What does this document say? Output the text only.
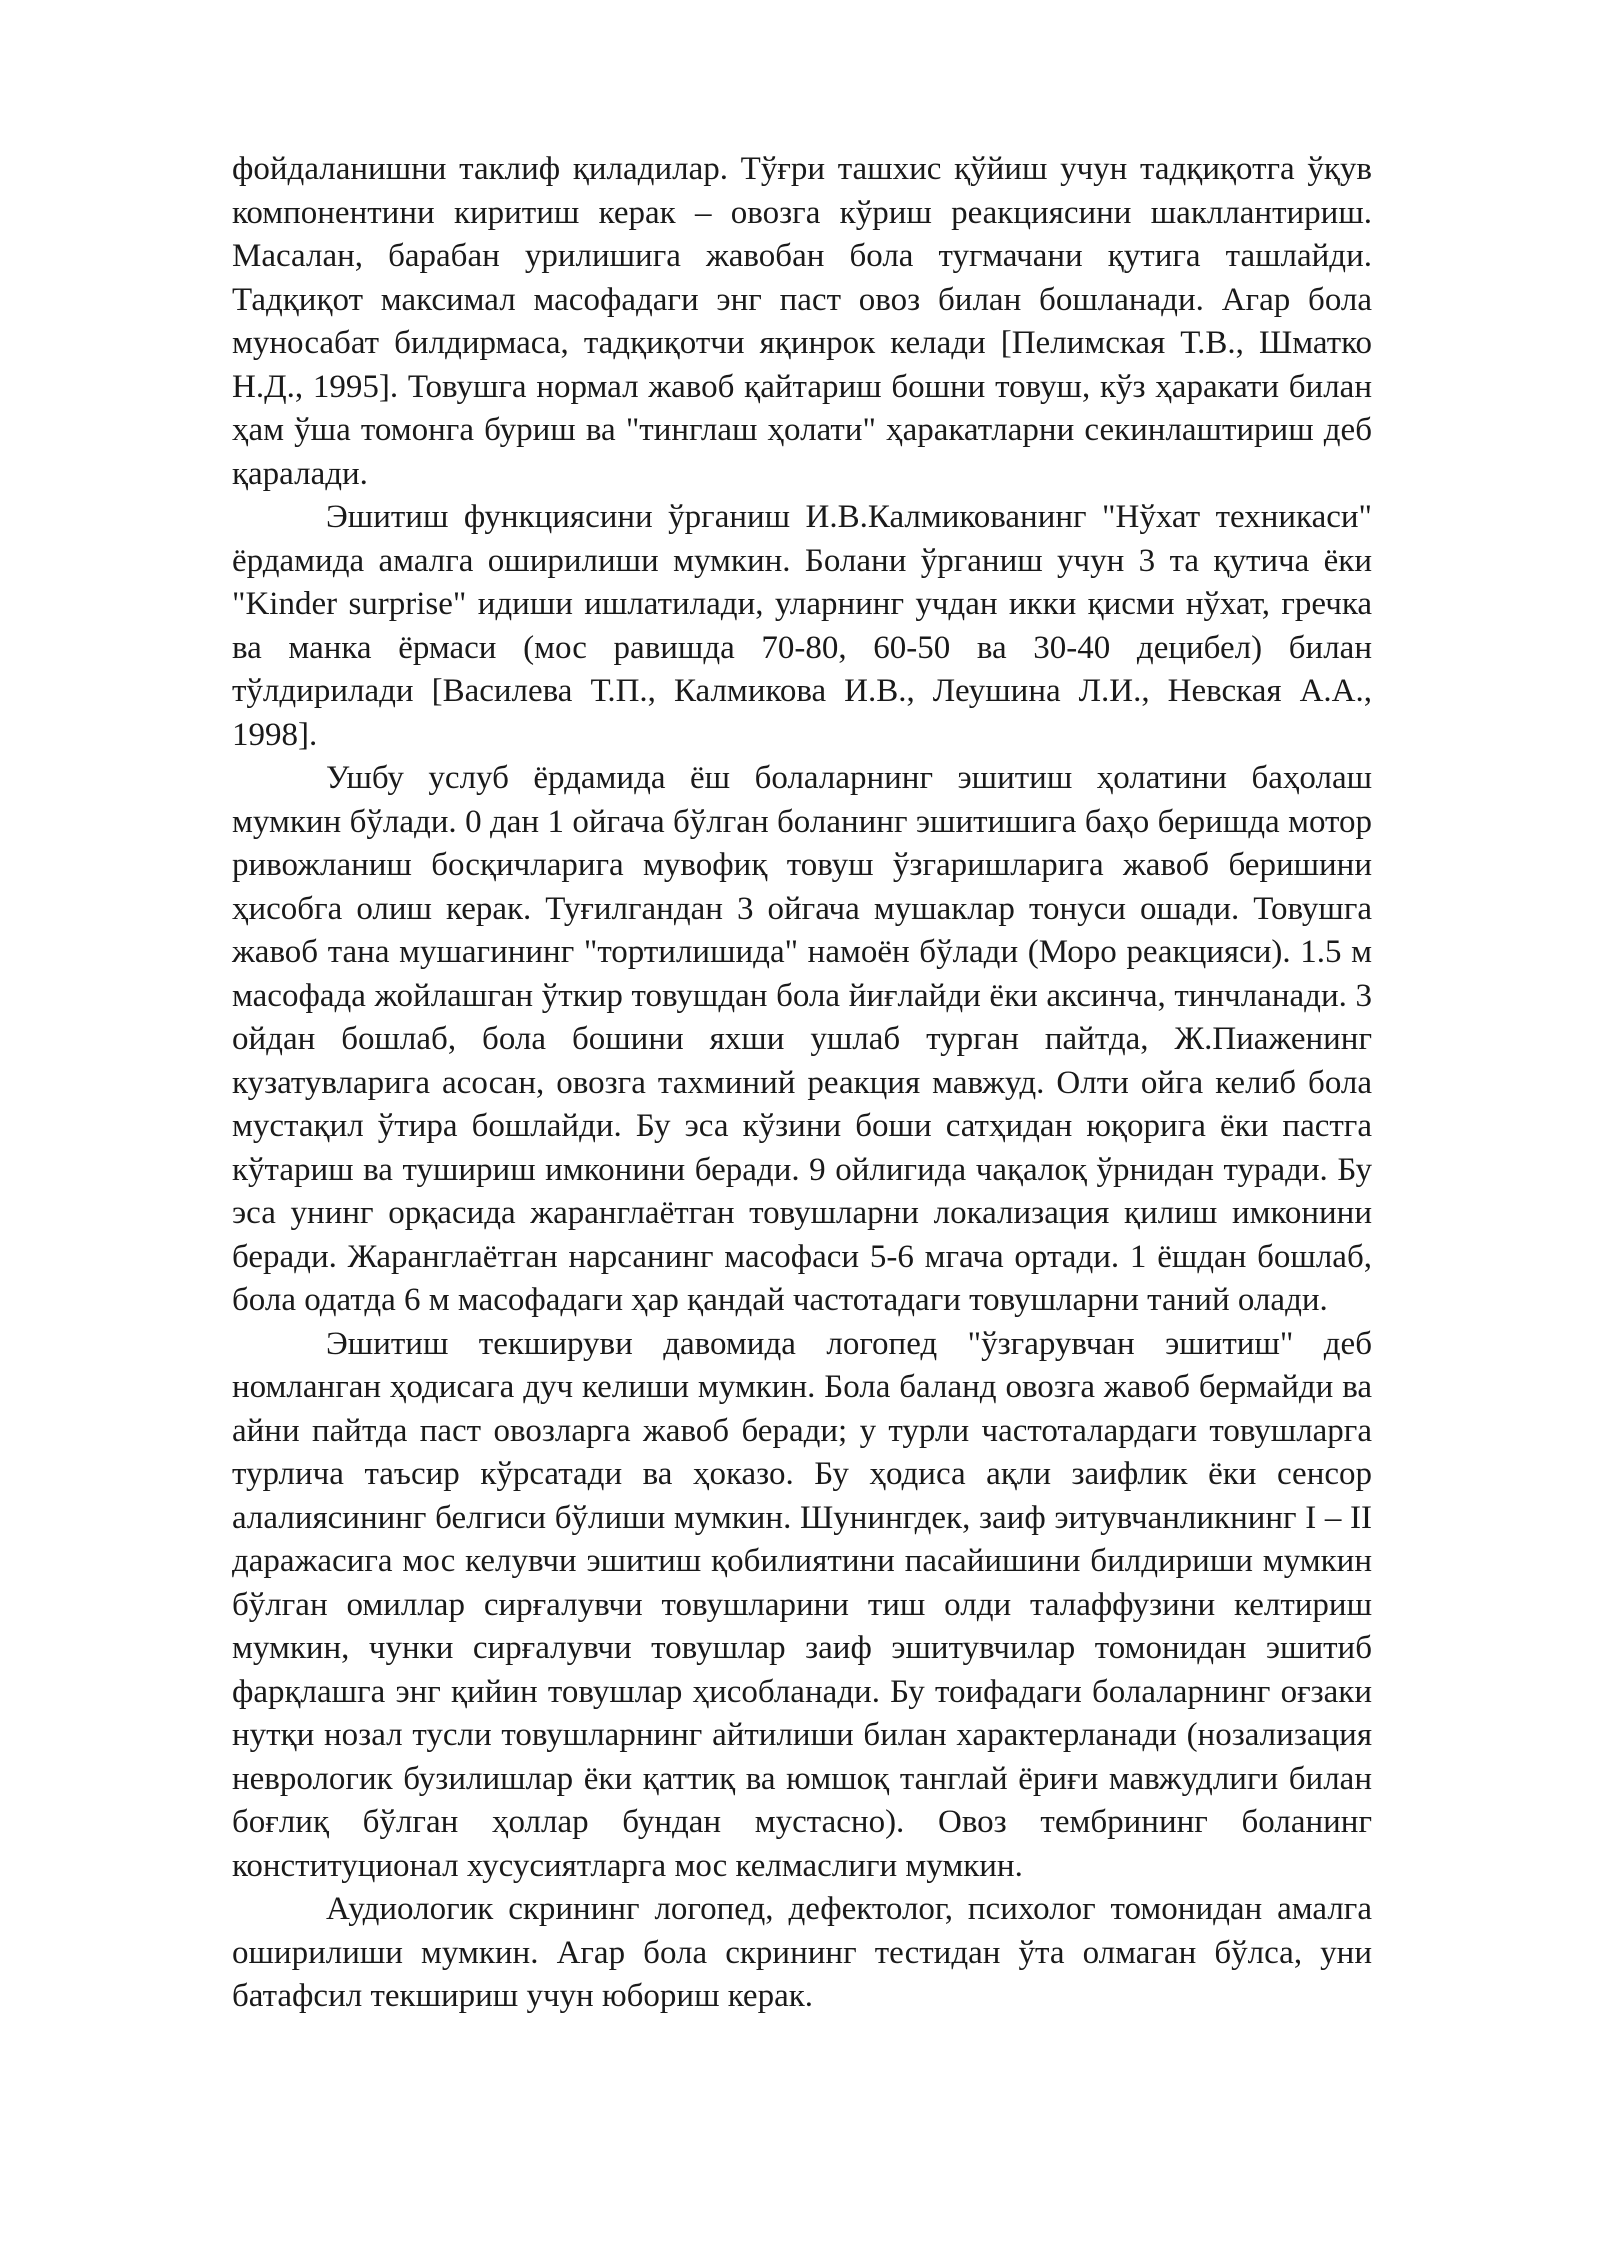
фойдаланишни таклиф қиладилар. Тўғри ташхис қўйиш учун тадқиқотга ўқув компонентини киритиш керак – овозга кўриш реакциясини шакллантириш. Масалан, барабан урилишига жавобан бола тугмачани қутига ташлайди. Тадқиқот максимал масофадаги энг паст овоз билан бошланади. Агар бола муносабат билдирмаса, тадқиқотчи яқинрок келади [Пелимская Т.В., Шматко Н.Д., 1995]. Товушга нормал жавоб қайтариш бошни товуш, кўз ҳаракати билан ҳам ўша томонга буриш ва "тинглаш ҳолати" ҳаракатларни секинлаштириш деб қаралади.

Эшитиш функциясини ўрганиш И.В.Калмикованинг "Нўхат техникаси" ёрдамида амалга оширилиши мумкин. Болани ўрганиш учун 3 та қутича ёки "Kinder surprise" идиши ишлатилади, уларнинг учдан икки қисми нўхат, гречка ва манка ёрмаси (мос равишда 70-80, 60-50 ва 30-40 децибел) билан тўлдирилади [Василева Т.П., Калмикова И.В., Леушина Л.И., Невская А.А., 1998].

Ушбу услуб ёрдамида ёш болаларнинг эшитиш ҳолатини баҳолаш мумкин бўлади. 0 дан 1 ойгача бўлган боланинг эшитишига баҳо беришда мотор ривожланиш босқичларига мувофиқ товуш ўзгаришларига жавоб беришини ҳисобга олиш керак. Туғилгандан 3 ойгача мушаклар тонуси ошади. Товушга жавоб тана мушагининг "тортилишида" намоён бўлади (Моро реакцияси). 1.5 м масофада жойлашган ўткир товушдан бола йиғлайди ёки аксинча, тинчланади. 3 ойдан бошлаб, бола бошини яхши ушлаб турган пайтда, Ж.Пиаженинг кузатувларига асосан, овозга тахминий реакция мавжуд. Олти ойга келиб бола мустақил ўтира бошлайди. Бу эса кўзини боши сатҳидан юқорига ёки пастга кўтариш ва тушириш имконини беради. 9 ойлигида чақалоқ ўрнидан туради. Бу эса унинг орқасида жаранглаётган товушларни локализация қилиш имконини беради. Жаранглаётган нарсанинг масофаси 5-6 мгача ортади. 1 ёшдан бошлаб, бола одатда 6 м масофадаги ҳар қандай частотадаги товушларни таний олади.

Эшитиш текшируви давомида логопед "ўзгарувчан эшитиш" деб номланган ҳодисага дуч келиши мумкин. Бола баланд овозга жавоб бермайди ва айни пайтда паст овозларга жавоб беради; у турли частоталардаги товушларга турлича таъсир кўрсатади ва ҳоказо. Бу ҳодиса ақли заифлик ёки сенсор алалиясининг белгиси бўлиши мумкин. Шунингдек, заиф эитувчанликнинг I – II даражасига мос келувчи эшитиш қобилиятини пасайишини билдириши мумкин бўлган омиллар сирғалувчи товушларини тиш олди талаффузини келтириш мумкин, чунки сирғалувчи товушлар заиф эшитувчилар томонидан эшитиб фарқлашга энг қийин товушлар ҳисобланади. Бу тоифадаги болаларнинг оғзаки нутқи нозал тусли товушларнинг айтилиши билан характерланади (нозализация неврологик бузилишлар ёки қаттиқ ва юмшоқ танглай ёриғи мавжудлиги билан боғлиқ бўлган ҳоллар бундан мустасно). Овоз тембрининг боланинг конституционал хусусиятларга мос келмаслиги мумкин.

Аудиологик скрининг логопед, дефектолог, психолог томонидан амалга оширилиши мумкин. Агар бола скрининг тестидан ўта олмаган бўлса, уни батафсил текшириш учун юбориш керак.
